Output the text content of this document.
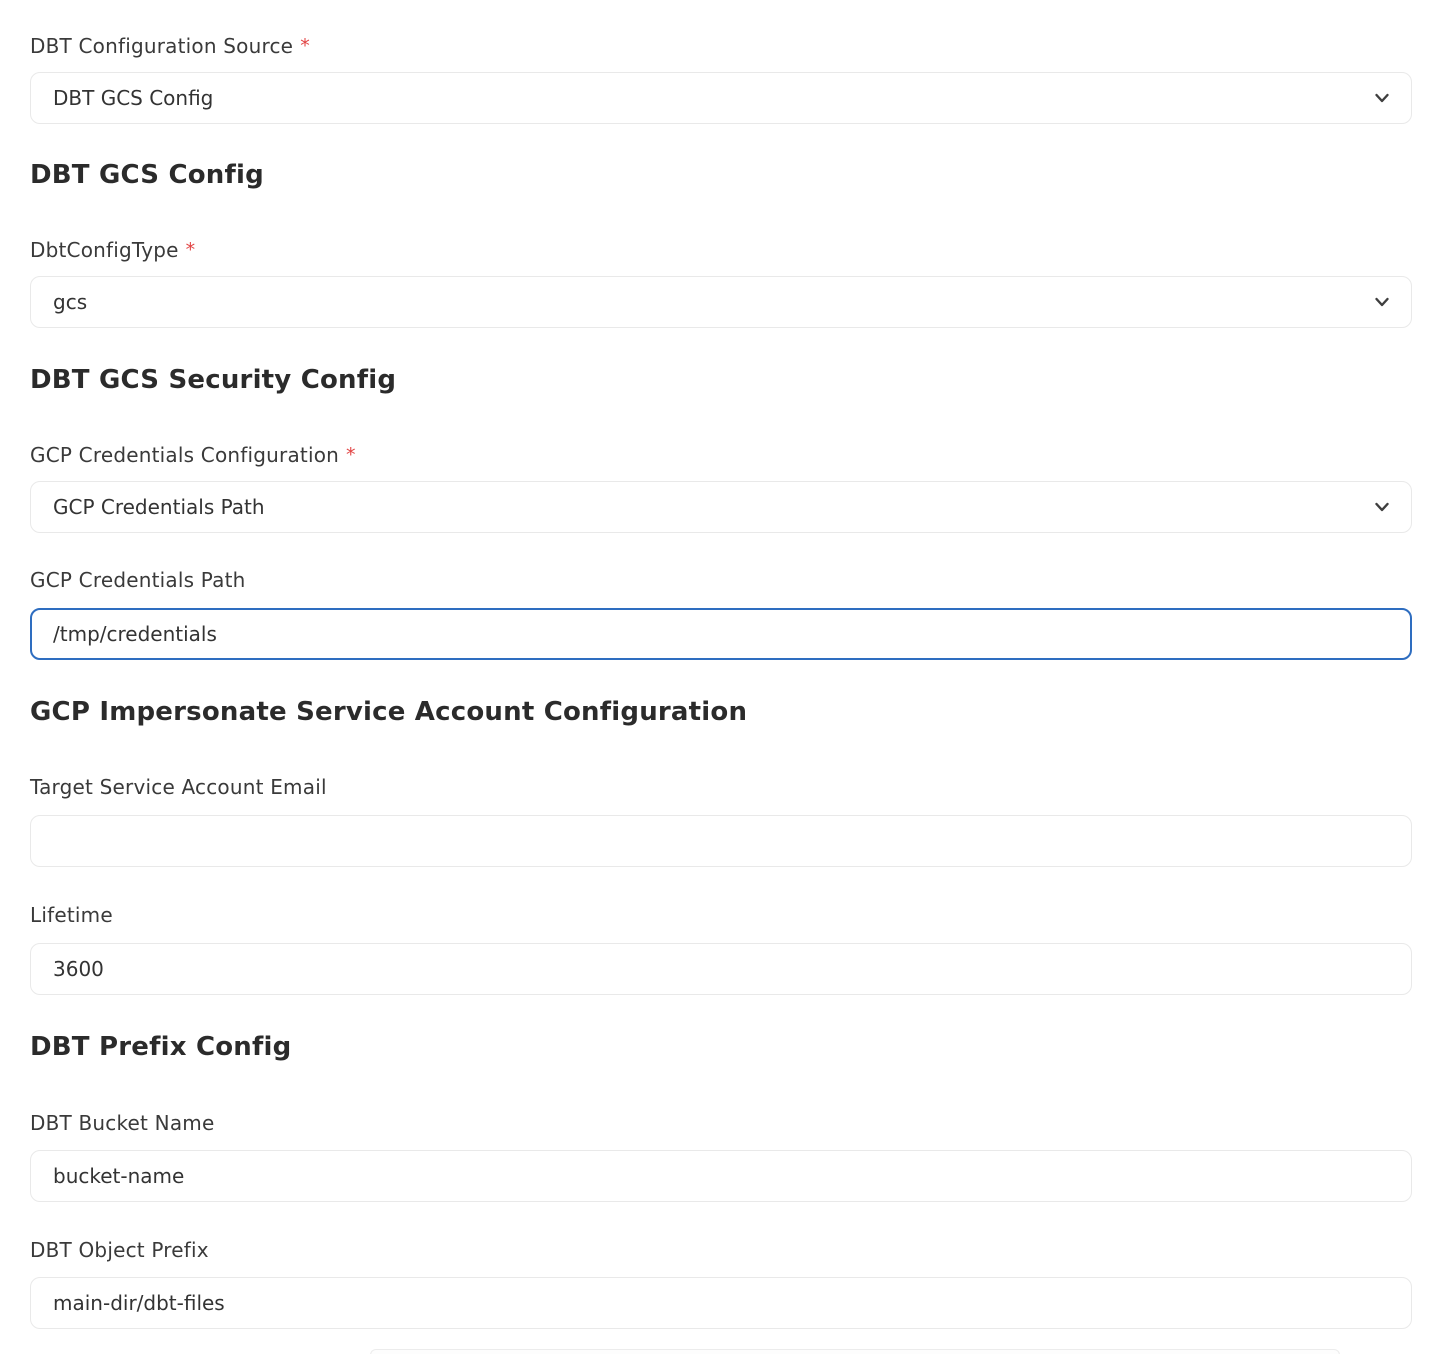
DBT Configuration Source *
DBT GCS Config
DBT GCS Config
DbtConfigType *
gcs
DBT GCS Security Config
GCP Credentials Configuration *
GCP Credentials Path
GCP Credentials Path
/tmp/credentials
GCP Impersonate Service Account Configuration
Target Service Account Email
Lifetime
3600
DBT Prefix Config
DBT Bucket Name
bucket-name
DBT Object Prefix
main-dir/dbt-files
